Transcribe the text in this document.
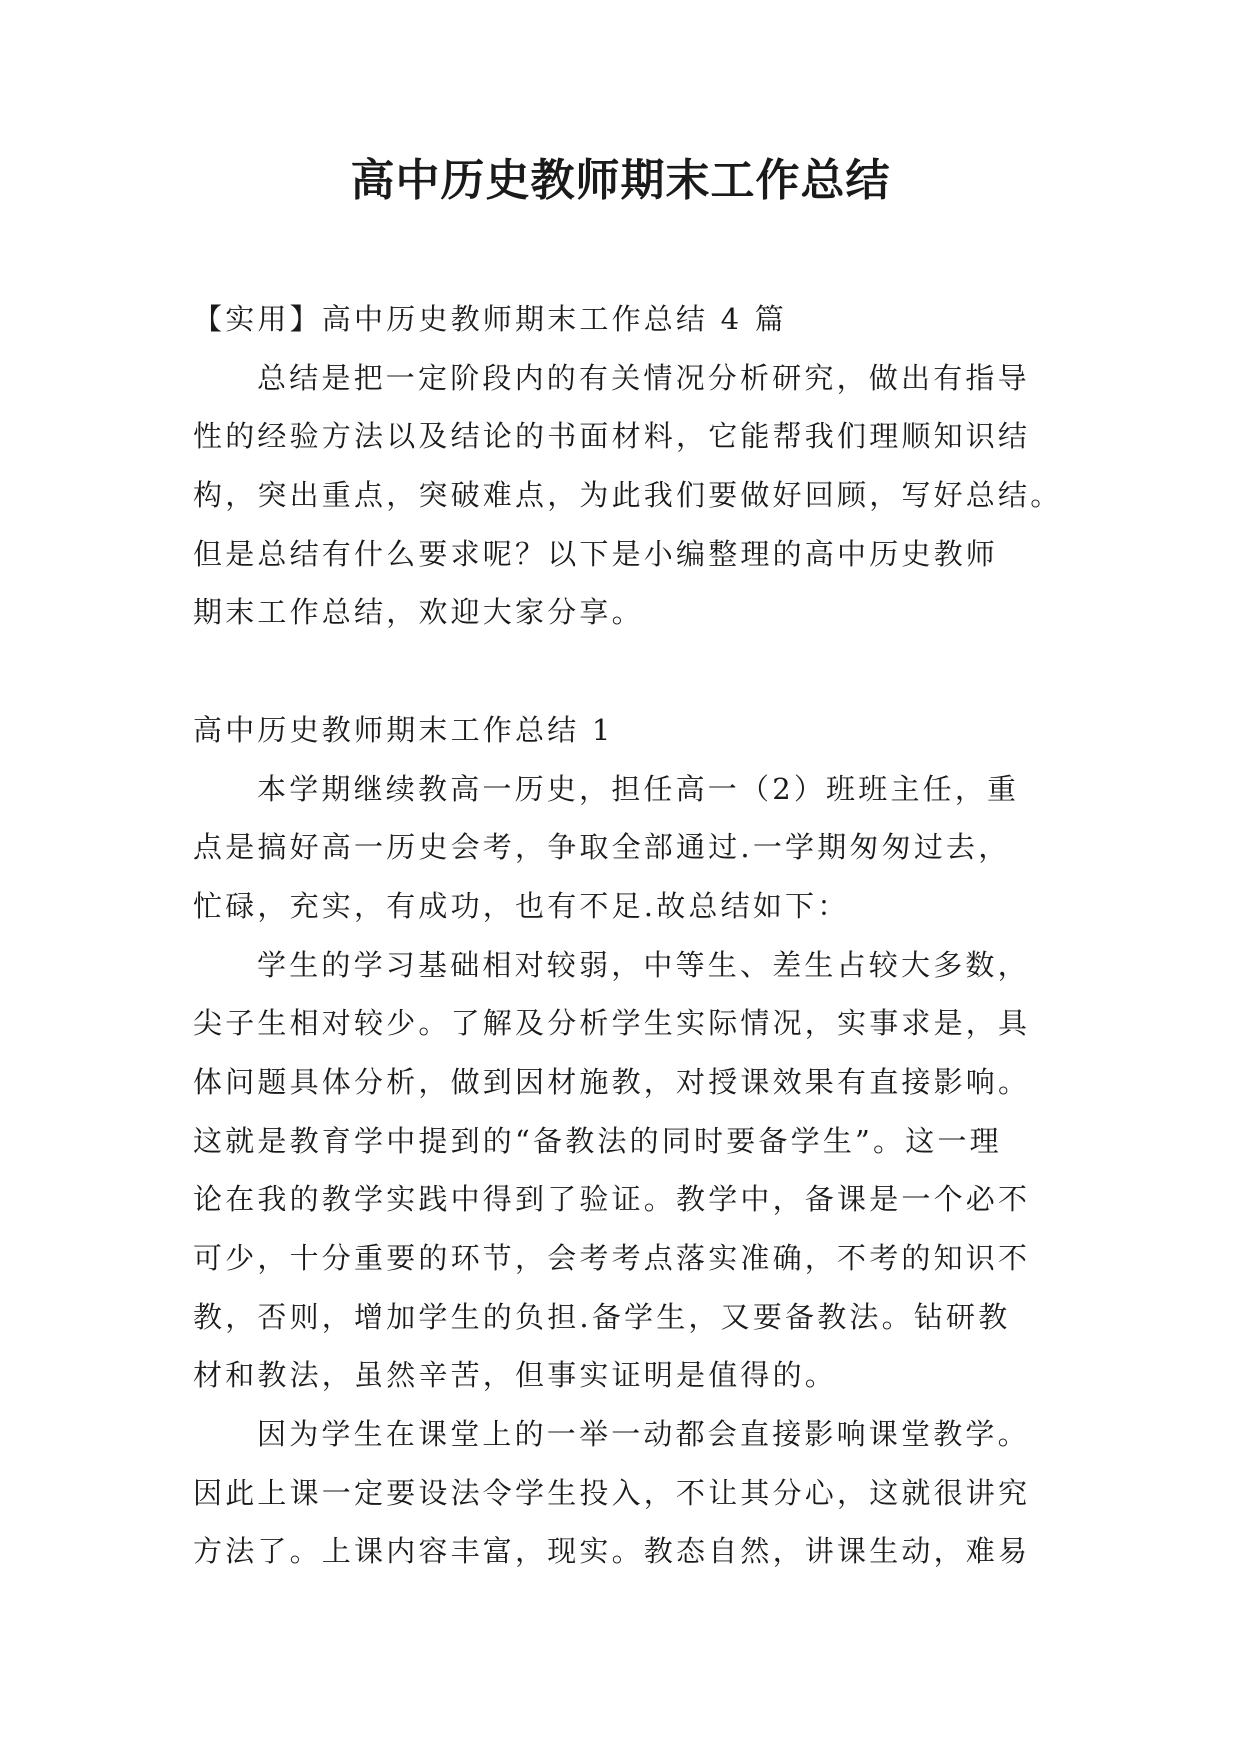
高中历史教师期末工作总结
【实用】高中历史教师期末工作总结 4 篇
总结是把一定阶段内的有关情况分析研究，做出有指导
性的经验方法以及结论的书面材料，它能帮我们理顺知识结
构，突出重点，突破难点，为此我们要做好回顾，写好总结。
但是总结有什么要求呢？以下是小编整理的高中历史教师
期末工作总结，欢迎大家分享。
高中历史教师期末工作总结 1
本学期继续教高一历史，担任高一（2）班班主任，重
点是搞好高一历史会考，争取全部通过.一学期匆匆过去，
忙碌，充实，有成功，也有不足.故总结如下：
学生的学习基础相对较弱，中等生、差生占较大多数，
尖子生相对较少。了解及分析学生实际情况，实事求是，具
体问题具体分析，做到因材施教，对授课效果有直接影响。
这就是教育学中提到的“备教法的同时要备学生”。这一理
论在我的教学实践中得到了验证。教学中，备课是一个必不
可少，十分重要的环节，会考考点落实准确，不考的知识不
教，否则，增加学生的负担.备学生，又要备教法。钻研教
材和教法，虽然辛苦，但事实证明是值得的。
因为学生在课堂上的一举一动都会直接影响课堂教学。
因此上课一定要设法令学生投入，不让其分心，这就很讲究
方法了。上课内容丰富，现实。教态自然，讲课生动，难易
